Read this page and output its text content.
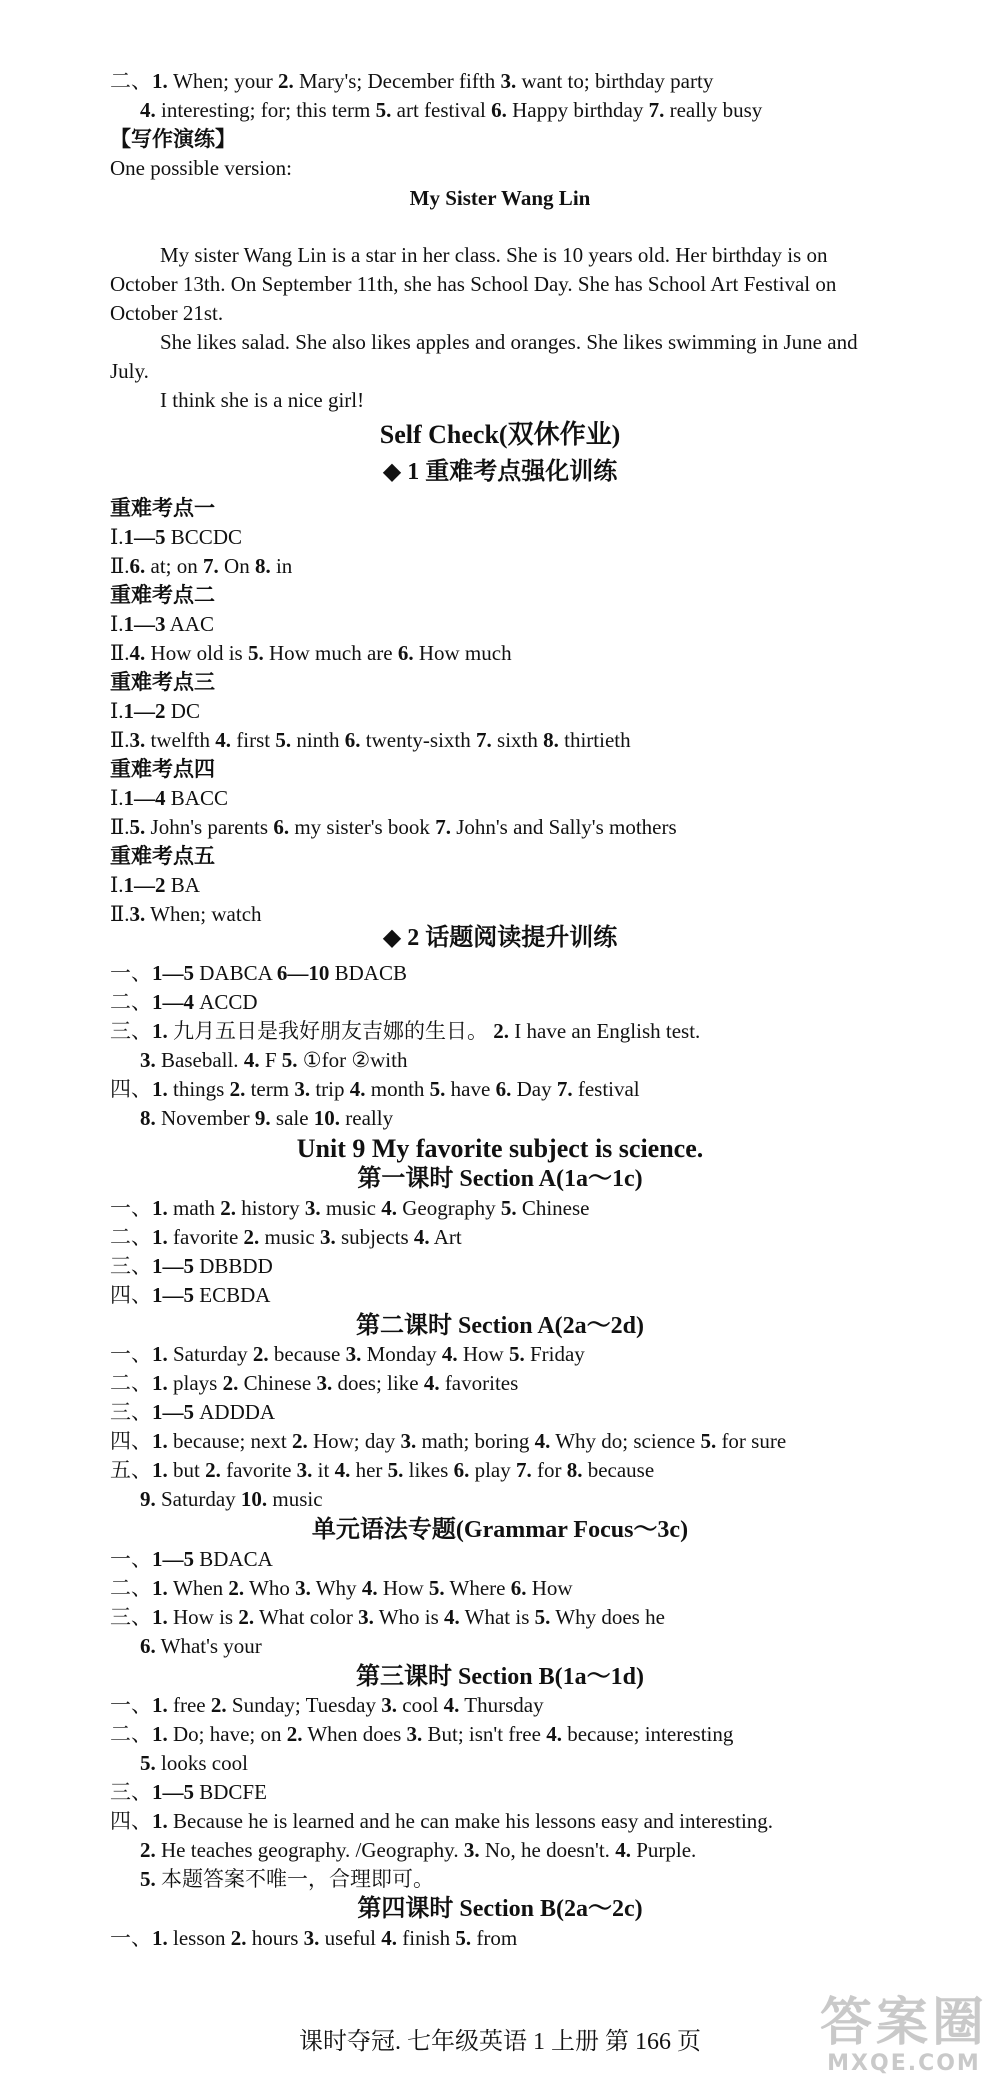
二、1. When; your 2. Mary's; December fifth 3. want to; birthday party
4. interesting; for; this term 5. art festival 6. Happy birthday 7. really busy
【写作演练】
One possible version:
My sister Wang Lin is a star in her class. She is 10 years old. Her birthday is on
October 13th. On September 11th, she has School Day. She has School Art Festival on
October 21st.
She likes salad. She also likes apples and oranges. She likes swimming in June and
July.
I think she is a nice girl!
重难考点一
Ⅰ.1—5 BCCDC
Ⅱ.6. at; on 7. On 8. in
重难考点二
Ⅰ.1—3 AAC
Ⅱ.4. How old is 5. How much are 6. How much
重难考点三
Ⅰ.1—2 DC
Ⅱ.3. twelfth 4. first 5. ninth 6. twenty-sixth 7. sixth 8. thirtieth
重难考点四
Ⅰ.1—4 BACC
Ⅱ.5. John's parents 6. my sister's book 7. John's and Sally's mothers
重难考点五
Ⅰ.1—2 BA
Ⅱ.3. When; watch
一、1—5 DABCA 6—10 BDACB
二、1—4 ACCD
三、1. 九月五日是我好朋友吉娜的生日。 2. I have an English test.
3. Baseball. 4. F 5. ①for ②with
四、1. things 2. term 3. trip 4. month 5. have 6. Day 7. festival
8. November 9. sale 10. really
一、1. math 2. history 3. music 4. Geography 5. Chinese
二、1. favorite 2. music 3. subjects 4. Art
三、1—5 DBBDD
四、1—5 ECBDA
一、1. Saturday 2. because 3. Monday 4. How 5. Friday
二、1. plays 2. Chinese 3. does; like 4. favorites
三、1—5 ADDDA
四、1. because; next 2. How; day 3. math; boring 4. Why do; science 5. for sure
五、1. but 2. favorite 3. it 4. her 5. likes 6. play 7. for 8. because
9. Saturday 10. music
一、1—5 BDACA
二、1. When 2. Who 3. Why 4. How 5. Where 6. How
三、1. How is 2. What color 3. Who is 4. What is 5. Why does he
6. What's your
一、1. free 2. Sunday; Tuesday 3. cool 4. Thursday
二、1. Do; have; on 2. When does 3. But; isn't free 4. because; interesting
5. looks cool
三、1—5 BDCFE
四、1. Because he is learned and he can make his lessons easy and interesting.
2. He teaches geography. /Geography. 3. No, he doesn't. 4. Purple.
5. 本题答案不唯一，合理即可。
一、1. lesson 2. hours 3. useful 4. finish 5. from
My Sister Wang Lin
Self Check(双休作业)
◆ 1 重难考点强化训练
◆ 2 话题阅读提升训练
Unit 9 My favorite subject is science.
第一课时 Section A(1a～1c)
第二课时 Section A(2a～2d)
单元语法专题(Grammar Focus～3c)
第三课时 Section B(1a～1d)
第四课时 Section B(2a～2c)
课时夺冠. 七年级英语 1 上册 第 166 页	答案圈
MXQE.COM
